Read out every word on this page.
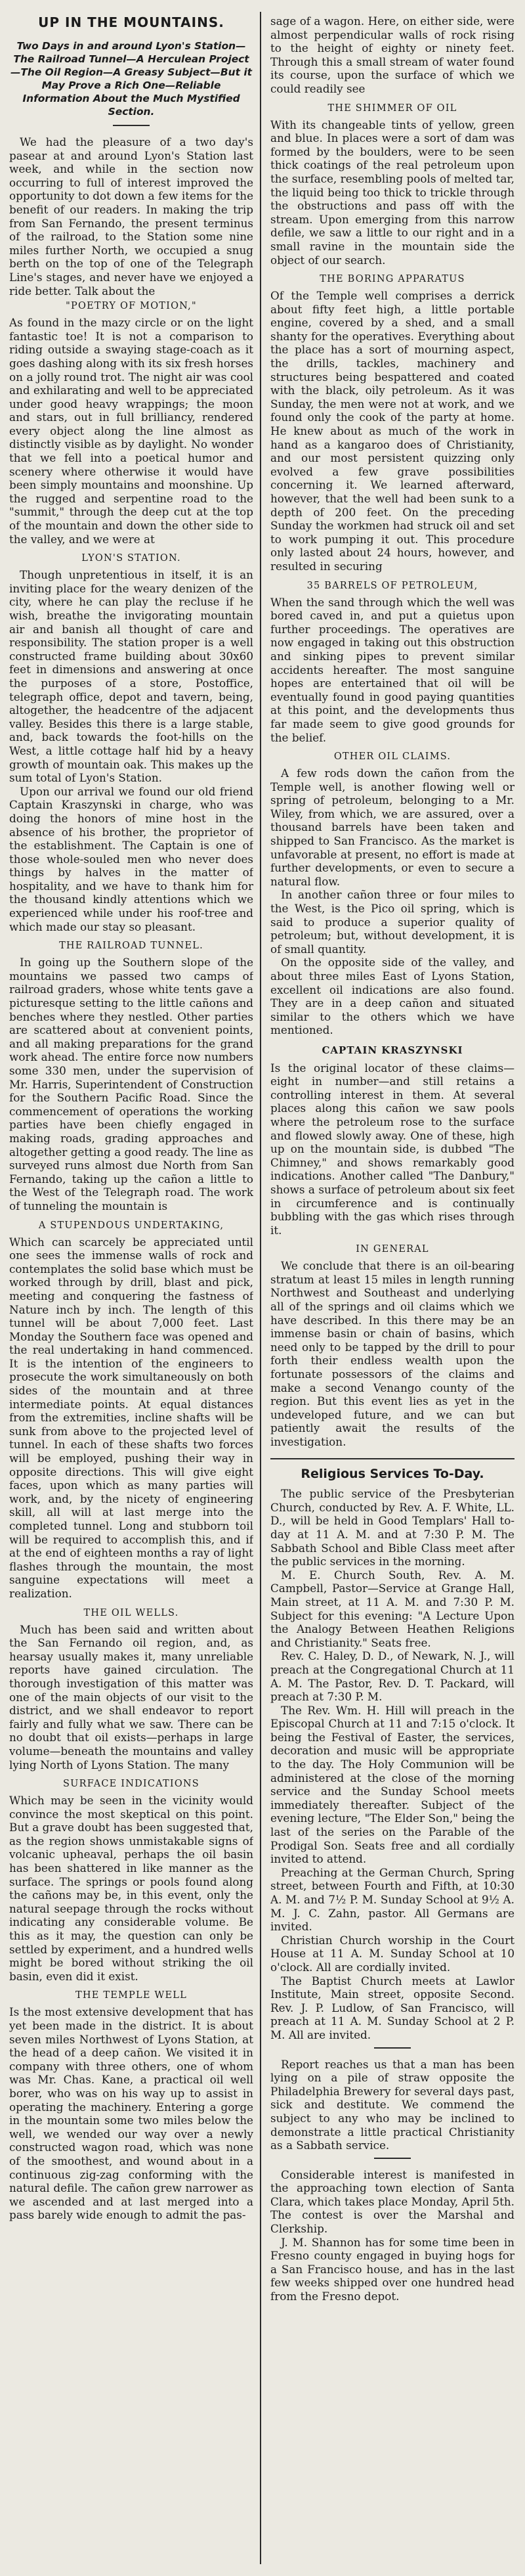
UP IN THE MOUNTAINS.
Two Days in and around Lyon's Station—The Railroad Tunnel—A Herculean Project—The Oil Region—A Greasy Subject—But it May Prove a Rich One—Reliable Information About the Much Mystified Section.

We had the pleasure of a two day's pasear at and around Lyon's Station last week, and while in the section now occurring to full of interest improved the opportunity to dot down a few items for the benefit of our readers. In making the trip from San Fernando, the present terminus of the railroad, to the Station some nine miles further North, we occupied a snug berth on the top of one of the Telegraph Line's stages, and never have we enjoyed a ride better. Talk about the

"POETRY OF MOTION,"

As found in the mazy circle or on the light fantastic toe! It is not a comparison to riding outside a swaying stage-coach as it goes dashing along with its six fresh horses on a jolly round trot. The night air was cool and exhilarating and well to be appreciated under good heavy wrappings; the moon and stars, out in full brilliancy, rendered every object along the line almost as distinctly visible as by daylight. No wonder that we fell into a poetical humor and scenery where otherwise it would have been simply mountains and moonshine. Up the rugged and serpentine road to the "summit," through the deep cut at the top of the mountain and down the other side to the valley, and we were at

LYON'S STATION.

Though unpretentious in itself, it is an inviting place for the weary denizen of the city, where he can play the recluse if he wish, breathe the invigorating mountain air and banish all thought of care and responsibility. The station proper is a well constructed frame building about 30x60 feet in dimensions and answering at once the purposes of a store, Postoffice, telegraph office, depot and tavern, being, altogether, the headcentre of the adjacent valley. Besides this there is a large stable, and, back towards the foot-hills on the West, a little cottage half hid by a heavy growth of mountain oak. This makes up the sum total of Lyon's Station.

Upon our arrival we found our old friend Captain Kraszynski in charge, who was doing the honors of mine host in the absence of his brother, the proprietor of the establishment. The Captain is one of those whole-souled men who never does things by halves in the matter of hospitality, and we have to thank him for the thousand kindly attentions which we experienced while under his roof-tree and which made our stay so pleasant.

THE RAILROAD TUNNEL.

In going up the Southern slope of the mountains we passed two camps of railroad graders, whose white tents gave a picturesque setting to the little cañons and benches where they nestled. Other parties are scattered about at convenient points, and all making preparations for the grand work ahead. The entire force now numbers some 330 men, under the supervision of Mr. Harris, Superintendent of Construction for the Southern Pacific Road. Since the commencement of operations the working parties have been chiefly engaged in making roads, grading approaches and altogether getting a good ready. The line as surveyed runs almost due North from San Fernando, taking up the cañon a little to the West of the Telegraph road. The work of tunneling the mountain is

A STUPENDOUS UNDERTAKING,

Which can scarcely be appreciated until one sees the immense walls of rock and contemplates the solid base which must be worked through by drill, blast and pick, meeting and conquering the fastness of Nature inch by inch. The length of this tunnel will be about 7,000 feet. Last Monday the Southern face was opened and the real undertaking in hand commenced. It is the intention of the engineers to prosecute the work simultaneously on both sides of the mountain and at three intermediate points. At equal distances from the extremities, incline shafts will be sunk from above to the projected level of tunnel. In each of these shafts two forces will be employed, pushing their way in opposite directions. This will give eight faces, upon which as many parties will work, and, by the nicety of engineering skill, all will at last merge into the completed tunnel. Long and stubborn toil will be required to accomplish this, and if at the end of eighteen months a ray of light flashes through the mountain, the most sanguine expectations will meet a realization.

THE OIL WELLS.

Much has been said and written about the San Fernando oil region, and, as hearsay usually makes it, many unreliable reports have gained circulation. The thorough investigation of this matter was one of the main objects of our visit to the district, and we shall endeavor to report fairly and fully what we saw. There can be no doubt that oil exists—perhaps in large volume—beneath the mountains and valley lying North of Lyons Station. The many

SURFACE INDICATIONS

Which may be seen in the vicinity would convince the most skeptical on this point. But a grave doubt has been suggested that, as the region shows unmistakable signs of volcanic upheaval, perhaps the oil basin has been shattered in like manner as the surface. The springs or pools found along the cañons may be, in this event, only the natural seepage through the rocks without indicating any considerable volume. Be this as it may, the question can only be settled by experiment, and a hundred wells might be bored without striking the oil basin, even did it exist.

THE TEMPLE WELL

Is the most extensive development that has yet been made in the district. It is about seven miles Northwest of Lyons Station, at the head of a deep cañon. We visited it in company with three others, one of whom was Mr. Chas. Kane, a practical oil well borer, who was on his way up to assist in operating the machinery. Entering a gorge in the mountain some two miles below the well, we wended our way over a newly constructed wagon road, which was none of the smoothest, and wound about in a continuous zig-zag conforming with the natural defile. The cañon grew narrower as we ascended and at last merged into a pass barely wide enough to admit the pas-

sage of a wagon. Here, on either side, were almost perpendicular walls of rock rising to the height of eighty or ninety feet. Through this a small stream of water found its course, upon the surface of which we could readily see

THE SHIMMER OF OIL

With its changeable tints of yellow, green and blue. In places were a sort of dam was formed by the boulders, were to be seen thick coatings of the real petroleum upon the surface, resembling pools of melted tar, the liquid being too thick to trickle through the obstructions and pass off with the stream. Upon emerging from this narrow defile, we saw a little to our right and in a small ravine in the mountain side the object of our search.

THE BORING APPARATUS

Of the Temple well comprises a derrick about fifty feet high, a little portable engine, covered by a shed, and a small shanty for the operatives. Everything about the place has a sort of mourning aspect, the drills, tackles, machinery and structures being bespattered and coated with the black, oily petroleum. As it was Sunday, the men were not at work, and we found only the cook of the party at home. He knew about as much of the work in hand as a kangaroo does of Christianity, and our most persistent quizzing only evolved a few grave possibilities concerning it. We learned afterward, however, that the well had been sunk to a depth of 200 feet. On the preceding Sunday the workmen had struck oil and set to work pumping it out. This procedure only lasted about 24 hours, however, and resulted in securing

35 BARRELS OF PETROLEUM,

When the sand through which the well was bored caved in, and put a quietus upon further proceedings. The operatives are now engaged in taking out this obstruction and sinking pipes to prevent similar accidents hereafter. The most sanguine hopes are entertained that oil will be eventually found in good paying quantities at this point, and the developments thus far made seem to give good grounds for the belief.

OTHER OIL CLAIMS.

A few rods down the cañon from the Temple well, is another flowing well or spring of petroleum, belonging to a Mr. Wiley, from which, we are assured, over a thousand barrels have been taken and shipped to San Francisco. As the market is unfavorable at present, no effort is made at further developments, or even to secure a natural flow.

In another cañon three or four miles to the West, is the Pico oil spring, which is said to produce a superior quality of petroleum; but, without development, it is of small quantity.

On the opposite side of the valley, and about three miles East of Lyons Station, excellent oil indications are also found. They are in a deep cañon and situated similar to the others which we have mentioned.

CAPTAIN KRASZYNSKI

Is the original locator of these claims—eight in number—and still retains a controlling interest in them. At several places along this cañon we saw pools where the petroleum rose to the surface and flowed slowly away. One of these, high up on the mountain side, is dubbed "The Chimney," and shows remarkably good indications. Another called "The Danbury," shows a surface of petroleum about six feet in circumference and is continually bubbling with the gas which rises through it.

IN GENERAL

We conclude that there is an oil-bearing stratum at least 15 miles in length running Northwest and Southeast and underlying all of the springs and oil claims which we have described. In this there may be an immense basin or chain of basins, which need only to be tapped by the drill to pour forth their endless wealth upon the fortunate possessors of the claims and make a second Venango county of the region. But this event lies as yet in the undeveloped future, and we can but patiently await the results of the investigation.

Religious Services To-Day.

The public service of the Presbyterian Church, conducted by Rev. A. F. White, LL. D., will be held in Good Templars' Hall to-day at 11 A. M. and at 7:30 P. M. The Sabbath School and Bible Class meet after the public services in the morning.

M. E. Church South, Rev. A. M. Campbell, Pastor—Service at Grange Hall, Main street, at 11 A. M. and 7:30 P. M. Subject for this evening: "A Lecture Upon the Analogy Between Heathen Religions and Christianity." Seats free.

Rev. C. Haley, D. D., of Newark, N. J., will preach at the Congregational Church at 11 A. M. The Pastor, Rev. D. T. Packard, will preach at 7:30 P. M.

The Rev. Wm. H. Hill will preach in the Episcopal Church at 11 and 7:15 o'clock. It being the Festival of Easter, the services, decoration and music will be appropriate to the day. The Holy Communion will be administered at the close of the morning service and the Sunday School meets immediately thereafter. Subject of the evening lecture, "The Elder Son," being the last of the series on the Parable of the Prodigal Son. Seats free and all cordially invited to attend.

Preaching at the German Church, Spring street, between Fourth and Fifth, at 10:30 A. M. and 7½ P. M. Sunday School at 9½ A. M. J. C. Zahn, pastor. All Germans are invited.

Christian Church worship in the Court House at 11 A. M. Sunday School at 10 o'clock. All are cordially invited.

The Baptist Church meets at Lawlor Institute, Main street, opposite Second. Rev. J. P. Ludlow, of San Francisco, will preach at 11 A. M. Sunday School at 2 P. M. All are invited.

Report reaches us that a man has been lying on a pile of straw opposite the Philadelphia Brewery for several days past, sick and destitute. We commend the subject to any who may be inclined to demonstrate a little practical Christianity as a Sabbath service.

Considerable interest is manifested in the approaching town election of Santa Clara, which takes place Monday, April 5th. The contest is over the Marshal and Clerkship.

J. M. Shannon has for some time been in Fresno county engaged in buying hogs for a San Francisco house, and has in the last few weeks shipped over one hundred head from the Fresno depot.
